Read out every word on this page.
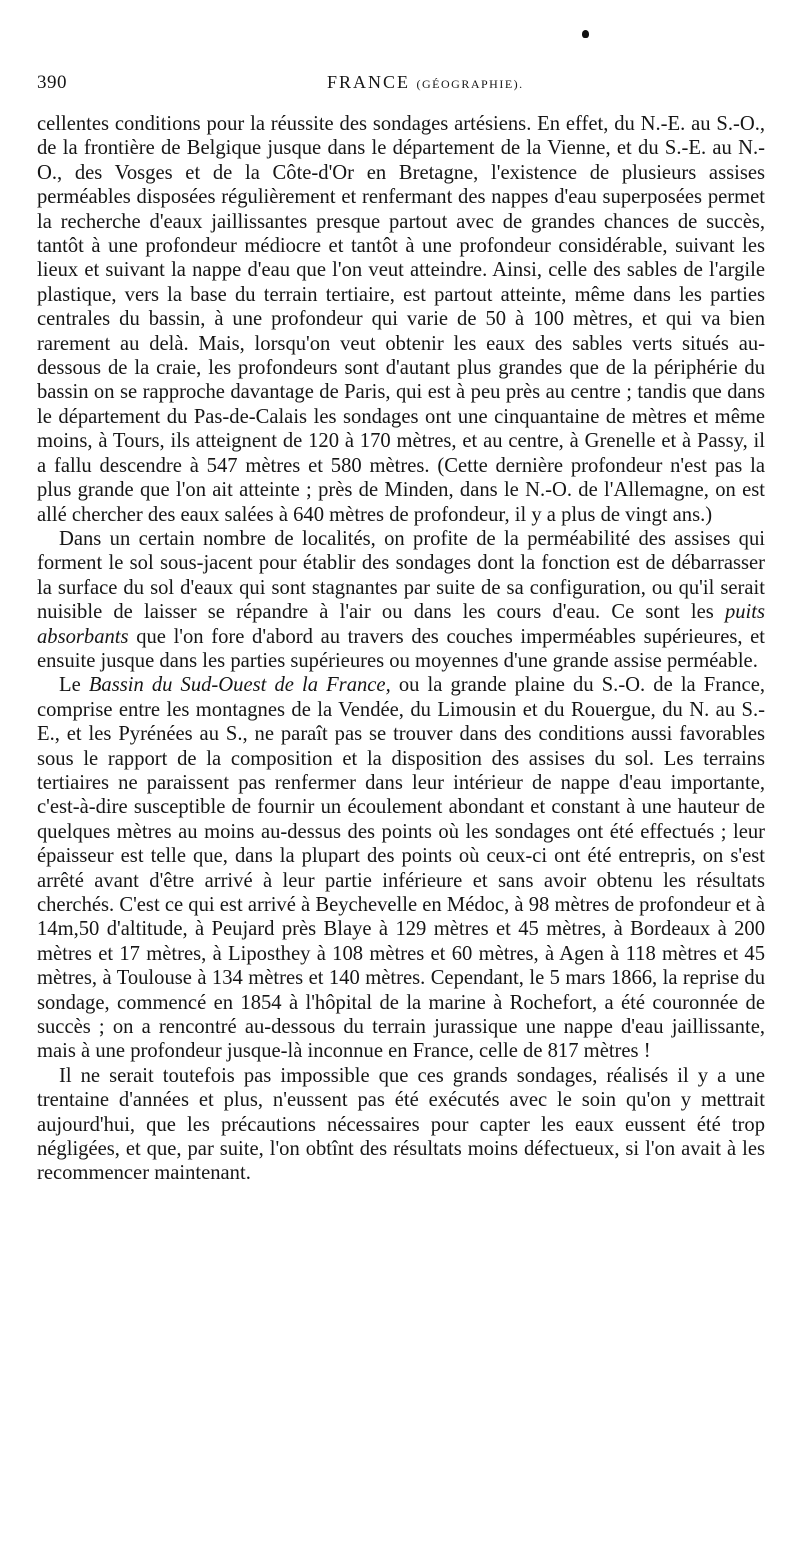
390	FRANCE (GÉOGRAPHIE).

cellentes conditions pour la réussite des sondages artésiens. En effet, du N.-E. au S.-O., de la frontière de Belgique jusque dans le département de la Vienne, et du S.-E. au N.-O., des Vosges et de la Côte-d'Or en Bretagne, l'existence de plusieurs assises perméables disposées régulièrement et renfermant des nappes d'eau superposées permet la recherche d'eaux jaillissantes presque partout avec de grandes chances de succès, tantôt à une profondeur médiocre et tantôt à une profondeur considérable, suivant les lieux et suivant la nappe d'eau que l'on veut atteindre. Ainsi, celle des sables de l'argile plastique, vers la base du terrain tertiaire, est partout atteinte, même dans les parties centrales du bassin, à une profondeur qui varie de 50 à 100 mètres, et qui va bien rarement au delà. Mais, lorsqu'on veut obtenir les eaux des sables verts situés au-dessous de la craie, les profondeurs sont d'autant plus grandes que de la périphérie du bassin on se rapproche davantage de Paris, qui est à peu près au centre ; tandis que dans le département du Pas-de-Calais les sondages ont une cinquantaine de mètres et même moins, à Tours, ils atteignent de 120 à 170 mètres, et au centre, à Grenelle et à Passy, il a fallu descendre à 547 mètres et 580 mètres. (Cette dernière profondeur n'est pas la plus grande que l'on ait atteinte ; près de Minden, dans le N.-O. de l'Allemagne, on est allé chercher des eaux salées à 640 mètres de profondeur, il y a plus de vingt ans.)

Dans un certain nombre de localités, on profite de la perméabilité des assises qui forment le sol sous-jacent pour établir des sondages dont la fonction est de débarrasser la surface du sol d'eaux qui sont stagnantes par suite de sa configuration, ou qu'il serait nuisible de laisser se répandre à l'air ou dans les cours d'eau. Ce sont les puits absorbants que l'on fore d'abord au travers des couches imperméables supérieures, et ensuite jusque dans les parties supérieures ou moyennes d'une grande assise perméable.

Le Bassin du Sud-Ouest de la France, ou la grande plaine du S.-O. de la France, comprise entre les montagnes de la Vendée, du Limousin et du Rouergue, du N. au S.-E., et les Pyrénées au S., ne paraît pas se trouver dans des conditions aussi favorables sous le rapport de la composition et la disposition des assises du sol. Les terrains tertiaires ne paraissent pas renfermer dans leur intérieur de nappe d'eau importante, c'est-à-dire susceptible de fournir un écoulement abondant et constant à une hauteur de quelques mètres au moins au-dessus des points où les sondages ont été effectués ; leur épaisseur est telle que, dans la plupart des points où ceux-ci ont été entrepris, on s'est arrêté avant d'être arrivé à leur partie inférieure et sans avoir obtenu les résultats cherchés. C'est ce qui est arrivé à Beychevelle en Médoc, à 98 mètres de profondeur et à 14m,50 d'altitude, à Peujard près Blaye à 129 mètres et 45 mètres, à Bordeaux à 200 mètres et 17 mètres, à Liposthey à 108 mètres et 60 mètres, à Agen à 118 mètres et 45 mètres, à Toulouse à 134 mètres et 140 mètres. Cependant, le 5 mars 1866, la reprise du sondage, commencé en 1854 à l'hôpital de la marine à Rochefort, a été couronnée de succès ; on a rencontré au-dessous du terrain jurassique une nappe d'eau jaillissante, mais à une profondeur jusque-là inconnue en France, celle de 817 mètres !

Il ne serait toutefois pas impossible que ces grands sondages, réalisés il y a une trentaine d'années et plus, n'eussent pas été exécutés avec le soin qu'on y mettrait aujourd'hui, que les précautions nécessaires pour capter les eaux eussent été trop négligées, et que, par suite, l'on obtînt des résultats moins défectueux, si l'on avait à les recommencer maintenant.
